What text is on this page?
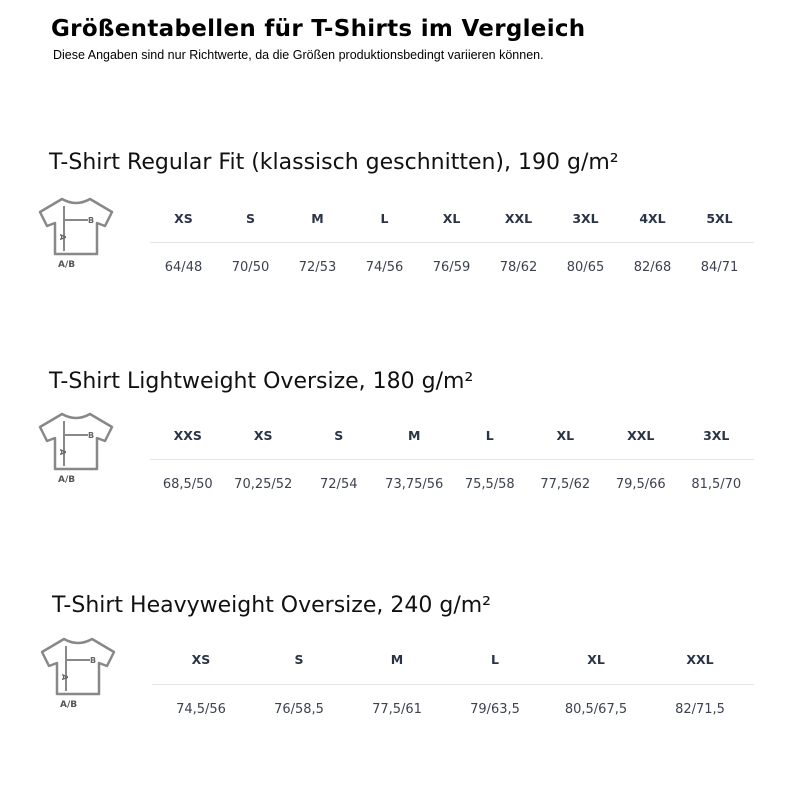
Größentabellen für T-Shirts im Vergleich
Diese Angaben sind nur Richtwerte, da die Größen produktionsbedingt variieren können.
T-Shirt Regular Fit (klassisch geschnitten), 190 g/m²
A
B
A/B
XS	S	M	L	XL	XXL	3XL	4XL	5XL
64/48	70/50	72/53	74/56	76/59	78/62	80/65	82/68	84/71
T-Shirt Lightweight Oversize, 180 g/m²
A
B
A/B
XXS	XS	S	M	L	XL	XXL	3XL
68,5/50	70,25/52	72/54	73,75/56	75,5/58	77,5/62	79,5/66	81,5/70
T-Shirt Heavyweight Oversize, 240 g/m²
A
B
A/B
XS	S	M	L	XL	XXL
74,5/56	76/58,5	77,5/61	79/63,5	80,5/67,5	82/71,5
